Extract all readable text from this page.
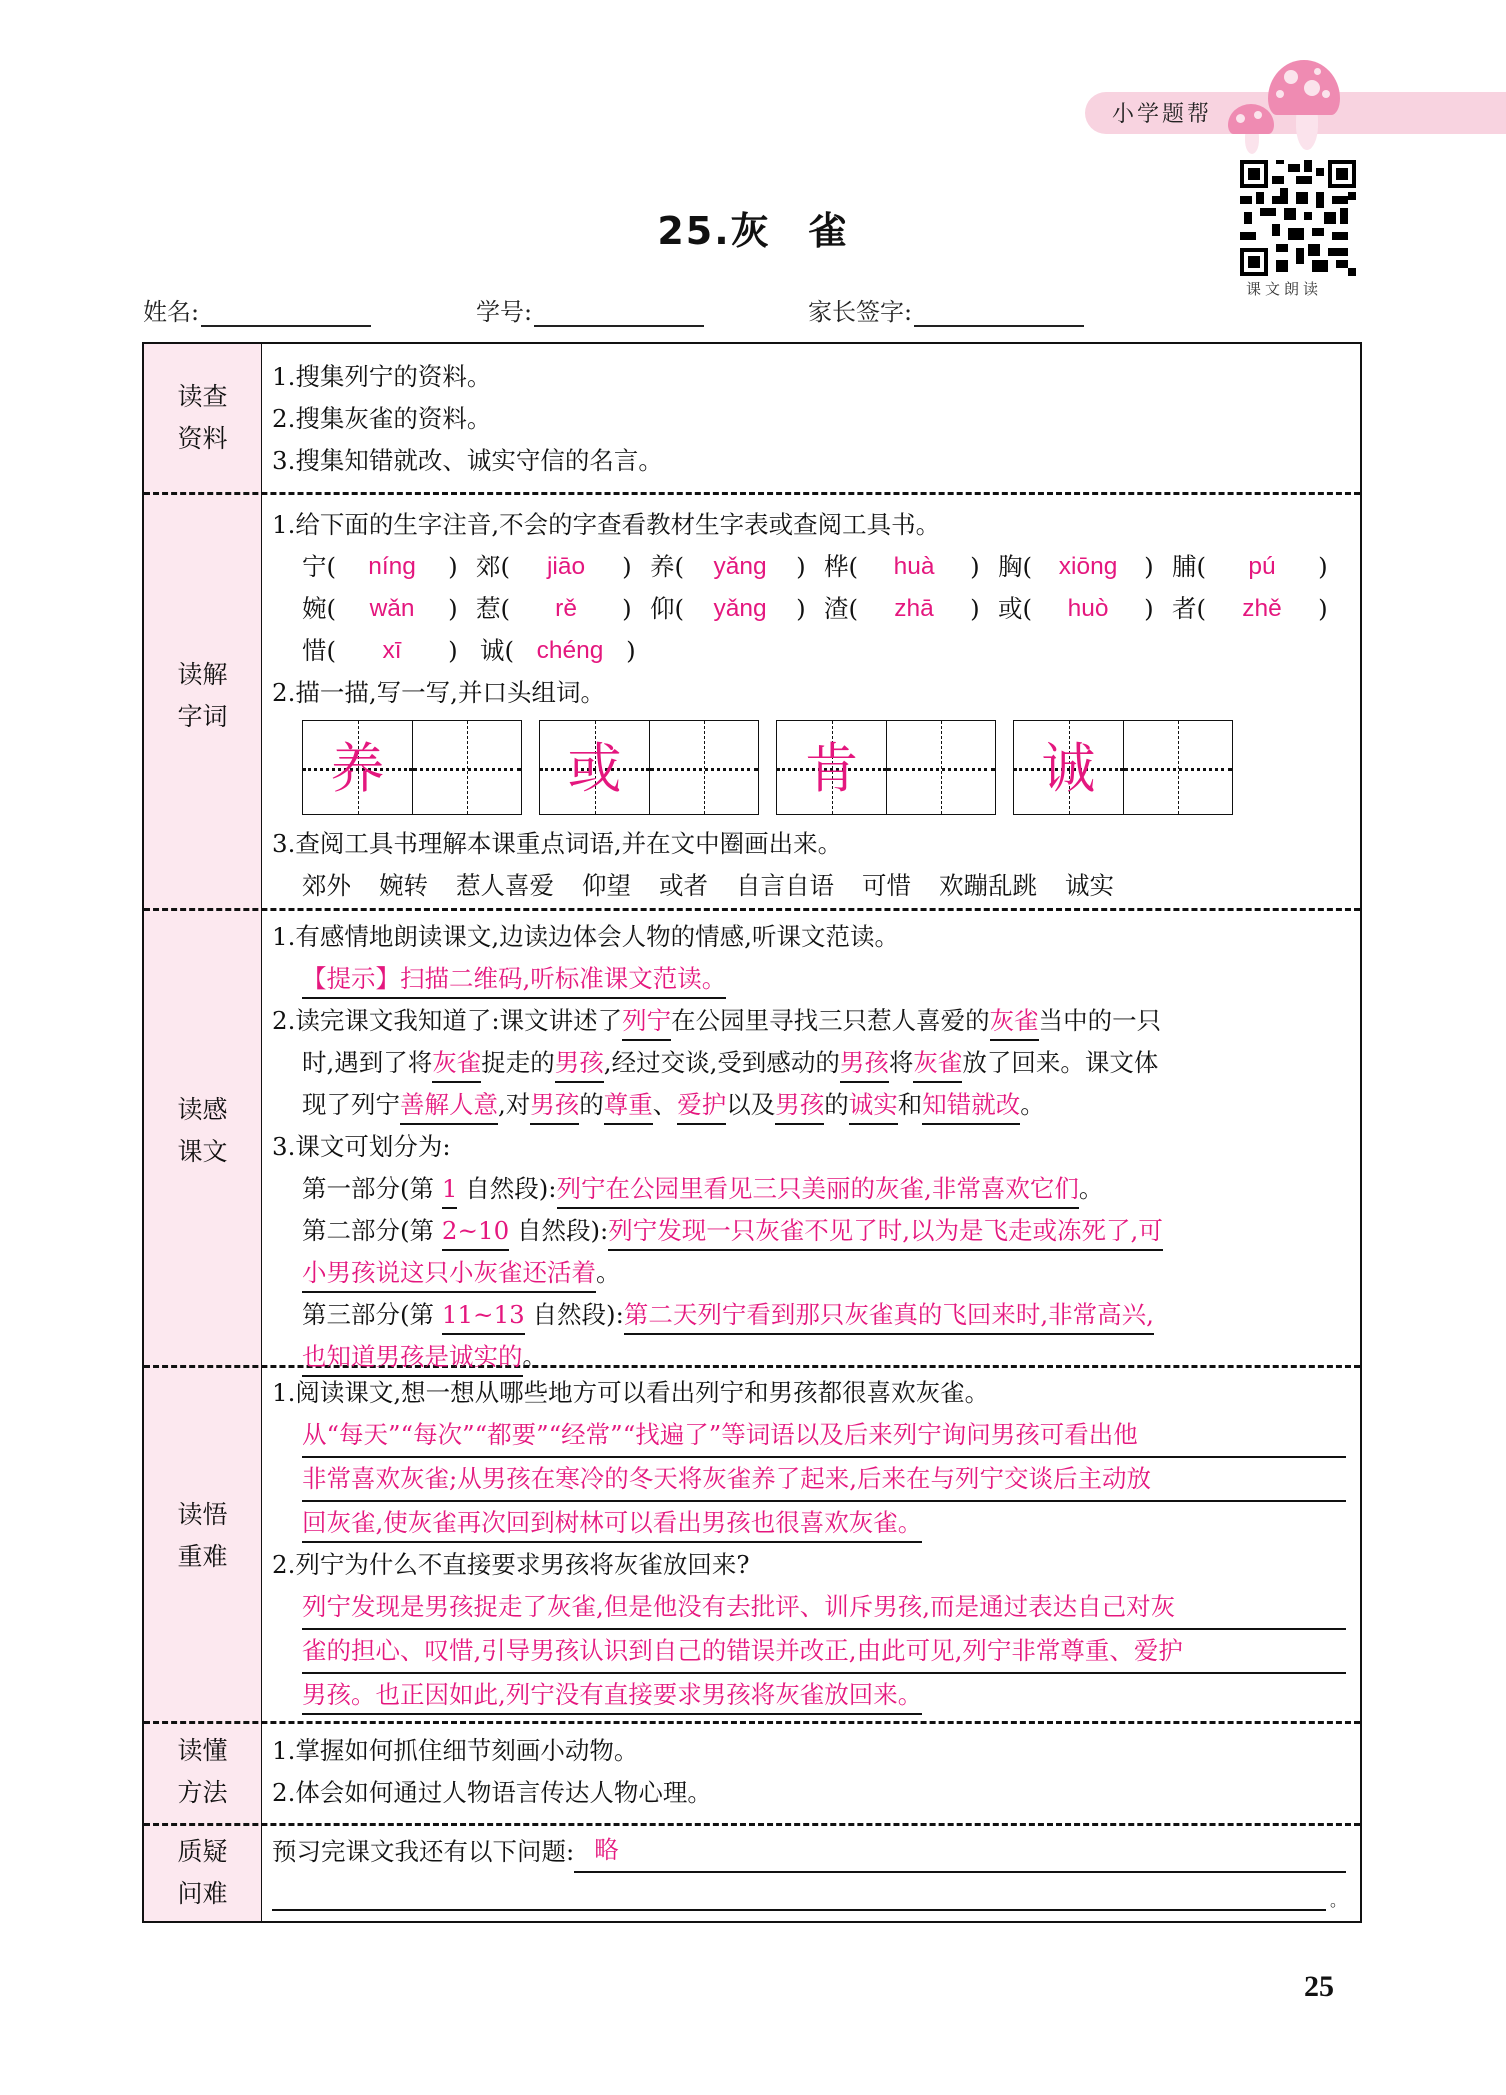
小学题帮
课文朗读
25.灰 雀
姓名:	学号:	家长签字:
读查
资料
1.搜集列宁的资料。
2.搜集灰雀的资料。
3.搜集知错就改、诚实守信的名言。
读解
字词
1.给下面的生字注音,不会的字查看教材生字表或查阅工具书。
宁 (	níng	) 郊 (	jiāo	) 养 (	yǎng	) 桦 (	huà	) 胸 (	xiōng	) 脯 (	pú	)
婉 (	wǎn	) 惹 (	rě	) 仰 (	yǎng	) 渣 (	zhā	) 或 (	huò	) 者 (	zhě	)
惜 (	xī	) 诚 ( chéng )
2.描一描,写一写,并口头组词。
养	或	肯	诚
3.查阅工具书理解本课重点词语,并在文中圈画出来。
郊外 婉转 惹人喜爱 仰望 或者 自言自语 可惜 欢蹦乱跳 诚实
读感
课文
1.有感情地朗读课文,边读边体会人物的情感,听课文范读。
【提示】扫描二维码,听标准课文范读。
2.读完课文我知道了:课文讲述了列宁在公园里寻找三只惹人喜爱的灰雀当中的一只
时,遇到了将灰雀捉走的男孩,经过交谈,受到感动的男孩将灰雀放了回来。课文体
现了列宁善解人意,对男孩的尊重、爱护以及男孩的诚实和知错就改。
3.课文可划分为:
第一部分(第 1 自然段):列宁在公园里看见三只美丽的灰雀,非常喜欢它们。
第二部分(第 2~10 自然段):列宁发现一只灰雀不见了时,以为是飞走或冻死了,可
小男孩说这只小灰雀还活着。
第三部分(第 11~13 自然段):第二天列宁看到那只灰雀真的飞回来时,非常高兴,
也知道男孩是诚实的。
读悟
重难
1.阅读课文,想一想从哪些地方可以看出列宁和男孩都很喜欢灰雀。
从“每天”“每次”“都要”“经常”“找遍了”等词语以及后来列宁询问男孩可看出他
非常喜欢灰雀;从男孩在寒冷的冬天将灰雀养了起来,后来在与列宁交谈后主动放
回灰雀,使灰雀再次回到树林可以看出男孩也很喜欢灰雀。
2.列宁为什么不直接要求男孩将灰雀放回来?
列宁发现是男孩捉走了灰雀,但是他没有去批评、训斥男孩,而是通过表达自己对灰
雀的担心、叹惜,引导男孩认识到自己的错误并改正,由此可见,列宁非常尊重、爱护
男孩。也正因如此,列宁没有直接要求男孩将灰雀放回来。
读懂
方法
1.掌握如何抓住细节刻画小动物。
2.体会如何通过人物语言传达人物心理。
质疑
问难
预习完课文我还有以下问题: 略
。
25
